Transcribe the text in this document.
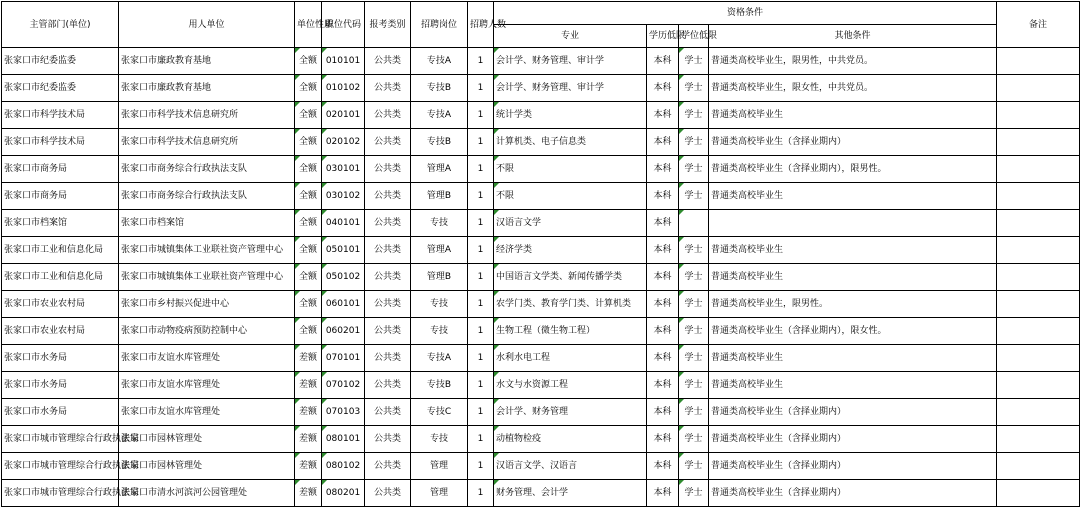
主管部门(单位)	用人单位	单位性质	职位代码	报考类别	招聘岗位	招聘人数	资格条件				备注
							专业	学历低限	学位低限	其他条件	
张家口市纪委监委	张家口市廉政教育基地	全额	010101	公共类	专技A	1	会计学、财务管理、审计学	本科	学士	普通类高校毕业生，限男性，中共党员。	
张家口市纪委监委	张家口市廉政教育基地	全额	010102	公共类	专技B	1	会计学、财务管理、审计学	本科	学士	普通类高校毕业生，限女性，中共党员。	
张家口市科学技术局	张家口市科学技术信息研究所	全额	020101	公共类	专技A	1	统计学类	本科	学士	普通类高校毕业生	
张家口市科学技术局	张家口市科学技术信息研究所	全额	020102	公共类	专技B	1	计算机类、电子信息类	本科	学士	普通类高校毕业生（含择业期内）	
张家口市商务局	张家口市商务综合行政执法支队	全额	030101	公共类	管理A	1	不限	本科	学士	普通类高校毕业生（含择业期内），限男性。	
张家口市商务局	张家口市商务综合行政执法支队	全额	030102	公共类	管理B	1	不限	本科	学士	普通类高校毕业生	
张家口市档案馆	张家口市档案馆	全额	040101	公共类	专技	1	汉语言文学	本科			
张家口市工业和信息化局	张家口市城镇集体工业联社资产管理中心	全额	050101	公共类	管理A	1	经济学类	本科	学士	普通类高校毕业生	
张家口市工业和信息化局	张家口市城镇集体工业联社资产管理中心	全额	050102	公共类	管理B	1	中国语言文学类、新闻传播学类	本科	学士	普通类高校毕业生	
张家口市农业农村局	张家口市乡村振兴促进中心	全额	060101	公共类	专技	1	农学门类、教育学门类、计算机类	本科	学士	普通类高校毕业生，限男性。	
张家口市农业农村局	张家口市动物疫病预防控制中心	全额	060201	公共类	专技	1	生物工程（微生物工程）	本科	学士	普通类高校毕业生（含择业期内），限女性。	
张家口市水务局	张家口市友谊水库管理处	差额	070101	公共类	专技A	1	水利水电工程	本科	学士	普通类高校毕业生	
张家口市水务局	张家口市友谊水库管理处	差额	070102	公共类	专技B	1	水文与水资源工程	本科	学士	普通类高校毕业生	
张家口市水务局	张家口市友谊水库管理处	差额	070103	公共类	专技C	1	会计学、财务管理	本科	学士	普通类高校毕业生（含择业期内）	
张家口市城市管理综合行政执法局	张家口市园林管理处	差额	080101	公共类	专技	1	动植物检疫	本科	学士	普通类高校毕业生（含择业期内）	
张家口市城市管理综合行政执法局	张家口市园林管理处	差额	080102	公共类	管理	1	汉语言文学、汉语言	本科	学士	普通类高校毕业生（含择业期内）	
张家口市城市管理综合行政执法局	张家口市清水河滨河公园管理处	差额	080201	公共类	管理	1	财务管理、会计学	本科	学士	普通类高校毕业生（含择业期内）	
